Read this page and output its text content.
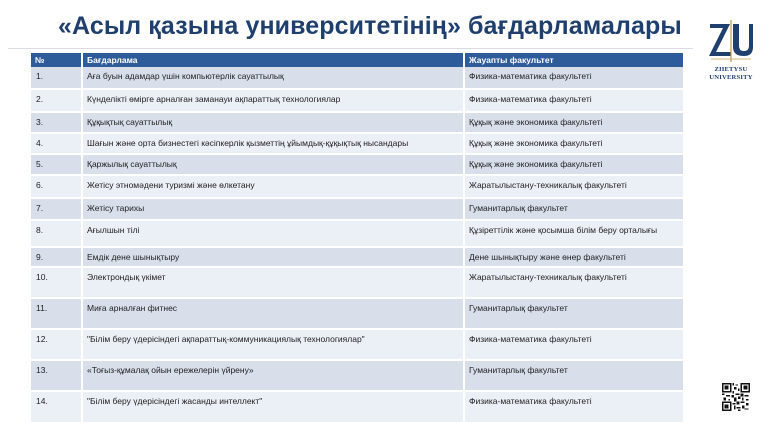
«Асыл қазына университетінің» бағдарламалары
ZHETYSU
UNIVERSITY
№	Бағдарлама	Жауапты факультет
1.	Аға буын адамдар үшін компьютерлік сауаттылық	Физика-математика факультеті
2.	Күнделікті өмірге арналған заманауи ақпараттық технологиялар	Физика-математика факультеті
3.	Құқықтық сауаттылық	Құқық және экономика факультеті
4.	Шағын және орта бизнестегі кәсіпкерлік қызметтің ұйымдық-құқықтық нысандары	Құқық және экономика факультеті
5.	Қаржылық сауаттылық	Құқық және экономика факультеті
6.	Жетісу этномәдени туризмі және өлкетану	Жаратылыстану-техникалық факультеті
7.	Жетісу тарихы	Гуманитарлық факультет
8.	Ағылшын тілі	Құзіреттілік және қосымша білім беру орталығы
9.	Емдік дене шынықтыру	Дене шынықтыру және өнер факультеті
10.	Электрондық үкімет	Жаратылыстану-техникалық факультеті
11.	Миға арналған фитнес	Гуманитарлық факультет
12.	"Білім беру үдерісіндегі ақпараттық-коммуникациялық технологиялар"	Физика-математика факультеті
13.	«Тоғыз-құмалақ ойын ережелерін үйрену»	Гуманитарлық факультет
14.	"Білім беру үдерісіндегі жасанды интеллект"	Физика-математика факультеті
